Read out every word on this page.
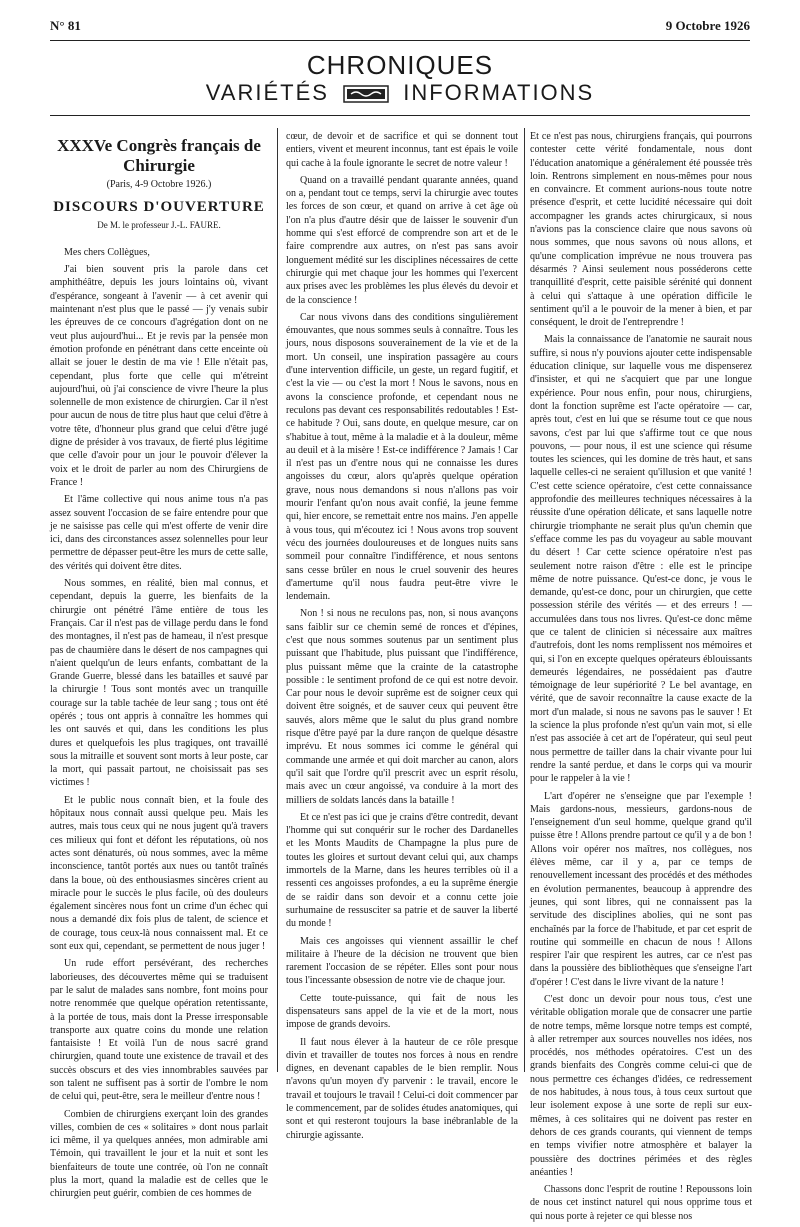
N° 81	9 Octobre 1926
CHRONIQUES
VARIÉTÉS	INFORMATIONS
XXXVe Congrès français de Chirurgie
(Paris, 4-9 Octobre 1926.)
DISCOURS D'OUVERTURE
De M. le professeur J.-L. FAURE.

Mes chers Collègues,

J'ai bien souvent pris la parole dans cet amphithéâtre, depuis les jours lointains où, vivant d'espérance, songeant à l'avenir — à cet avenir qui maintenant n'est plus que le passé — j'y venais subir les épreuves de ce concours d'agrégation dont on ne veut plus aujourd'hui... Et je revis par la pensée mon émotion profonde en pénétrant dans cette enceinte où allait se jouer le destin de ma vie ! Elle n'était pas, cependant, plus forte que celle qui m'étreint aujourd'hui, où j'ai conscience de vivre l'heure la plus solennelle de mon existence de chirurgien. Car il n'est pour aucun de nous de titre plus haut que celui d'être à votre tête, d'honneur plus grand que celui d'être jugé digne de présider à vos travaux, de fierté plus légitime que celle d'avoir pour un jour le pouvoir d'élever la voix et le droit de parler au nom des Chirurgiens de France !

Et l'âme collective qui nous anime tous n'a pas assez souvent l'occasion de se faire entendre pour que je ne saisisse pas celle qui m'est offerte de venir dire ici, dans des circonstances assez solennelles pour leur permettre de dépasser peut-être les murs de cette salle, des vérités qui doivent être dites.

Nous sommes, en réalité, bien mal connus, et cependant, depuis la guerre, les bienfaits de la chirurgie ont pénétré l'âme entière de tous les Français. Car il n'est pas de village perdu dans le fond des montagnes, il n'est pas de hameau, il n'est presque pas de chaumière dans le désert de nos campagnes qui n'aient quelqu'un de leurs enfants, combattant de la Grande Guerre, blessé dans les batailles et sauvé par la chirurgie ! Tous sont montés avec un tranquille courage sur la table tachée de leur sang ; tous ont été opérés ; tous ont appris à connaître les hommes qui les ont sauvés et qui, dans les conditions les plus dures et quelquefois les plus tragiques, ont travaillé sous la mitraille et souvent sont morts à leur poste, car la mort, qui passait partout, ne choisissait pas ses victimes !

Et le public nous connaît bien, et la foule des hôpitaux nous connaît aussi quelque peu. Mais les autres, mais tous ceux qui ne nous jugent qu'à travers ces milieux qui font et défont les réputations, où nos actes sont dénaturés, où nous sommes, avec la même inconscience, tantôt portés aux nues ou tantôt traînés dans la boue, où des enthousiasmes sincères crient au miracle pour le succès le plus facile, où des douleurs également sincères nous font un crime d'un échec qui nous a demandé dix fois plus de talent, de science et de courage, tous ceux-là nous connaissent mal. Et ce sont eux qui, cependant, se permettent de nous juger !

Un rude effort persévérant, des recherches laborieuses, des découvertes même qui se traduisent par le salut de malades sans nombre, font moins pour notre renommée que quelque opération retentissante, à la portée de tous, mais dont la Presse irresponsable transporte aux quatre coins du monde une relation fantaisiste ! Et voilà l'un de nous sacré grand chirurgien, quand toute une existence de travail et des succès obscurs et des vies innombrables sauvées par son talent ne suffisent pas à sortir de l'ombre le nom de celui qui, peut-être, sera le meilleur d'entre nous !

Combien de chirurgiens exerçant loin des grandes villes, combien de ces « solitaires » dont nous parlait ici même, il ya quelques années, mon admirable ami Témoin, qui travaillent le jour et la nuit et sont les bienfaiteurs de toute une contrée, où l'on ne connaît plus la mort, quand la maladie est de celles que le chirurgien peut guérir, combien de ces hommes de

cœur, de devoir et de sacrifice et qui se donnent tout entiers, vivent et meurent inconnus, tant est épais le voile qui cache à la foule ignorante le secret de notre valeur !

Quand on a travaillé pendant quarante années, quand on a, pendant tout ce temps, servi la chirurgie avec toutes les forces de son cœur, et quand on arrive à cet âge où l'on n'a plus d'autre désir que de laisser le souvenir d'un homme qui s'est efforcé de comprendre son art et de le faire comprendre aux autres, on n'est pas sans avoir longuement médité sur les disciplines nécessaires de cette chirurgie qui met chaque jour les hommes qui l'exercent aux prises avec les problèmes les plus élevés du devoir et de la conscience !

Car nous vivons dans des conditions singulièrement émouvantes, que nous sommes seuls à connaître. Tous les jours, nous disposons souverainement de la vie et de la mort. Un conseil, une inspiration passagère au cours d'une intervention difficile, un geste, un regard fugitif, et c'est la vie — ou c'est la mort ! Nous le savons, nous en avons la conscience profonde, et cependant nous ne reculons pas devant ces responsabilités redoutables ! Est-ce habitude ? Oui, sans doute, en quelque mesure, car on s'habitue à tout, même à la maladie et à la douleur, même au deuil et à la misère ! Est-ce indifférence ? Jamais ! Car il n'est pas un d'entre nous qui ne connaisse les dures angoisses du cœur, alors qu'après quelque opération grave, nous nous demandons si nous n'allons pas voir mourir l'enfant qu'on nous avait confié, la jeune femme qui, hier encore, se remettait entre nos mains. J'en appelle à vous tous, qui m'écoutez ici ! Nous avons trop souvent vécu des journées douloureuses et de longues nuits sans sommeil pour connaître l'indifférence, et nous sentons sans cesse brûler en nous le cruel souvenir des heures d'amertume qu'il nous faudra peut-être vivre le lendemain.

Non ! si nous ne reculons pas, non, si nous avançons sans faiblir sur ce chemin semé de ronces et d'épines, c'est que nous sommes soutenus par un sentiment plus puissant que l'habitude, plus puissant que l'indifférence, plus puissant même que la crainte de la catastrophe possible : le sentiment profond de ce qui est notre devoir. Car pour nous le devoir suprême est de soigner ceux qui doivent être soignés, et de sauver ceux qui peuvent être sauvés, alors même que le salut du plus grand nombre risque d'être payé par la dure rançon de quelque désastre imprévu. Et nous sommes ici comme le général qui commande une armée et qui doit marcher au canon, alors qu'il sait que l'ordre qu'il prescrit avec un esprit résolu, mais avec un cœur angoissé, va conduire à la mort des milliers de soldats lancés dans la bataille !

Et ce n'est pas ici que je crains d'être contredit, devant l'homme qui sut conquérir sur le rocher des Dardanelles et les Monts Maudits de Champagne la plus pure de toutes les gloires et surtout devant celui qui, aux champs immortels de la Marne, dans les heures terribles où il a ressenti ces angoisses profondes, a eu la suprême énergie de se raidir dans son devoir et a connu cette joie surhumaine de ressusciter sa patrie et de sauver la liberté du monde !

Mais ces angoisses qui viennent assaillir le chef militaire à l'heure de la décision ne trouvent que bien rarement l'occasion de se répéter. Elles sont pour nous tous l'incessante obsession de notre vie de chaque jour.

Cette toute-puissance, qui fait de nous les dispensateurs sans appel de la vie et de la mort, nous impose de grands devoirs.

Il faut nous élever à la hauteur de ce rôle presque divin et travailler de toutes nos forces à nous en rendre dignes, en devenant capables de le bien remplir. Nous n'avons qu'un moyen d'y parvenir : le travail, encore le travail et toujours le travail ! Celui-ci doit commencer par le commencement, par de solides études anatomiques, qui sont et qui resteront toujours la base inébranlable de la chirurgie agissante.

Et ce n'est pas nous, chirurgiens français, qui pourrons contester cette vérité fondamentale, nous dont l'éducation anatomique a généralement été poussée très loin. Rentrons simplement en nous-mêmes pour nous en convaincre. Et comment aurions-nous toute notre présence d'esprit, et cette lucidité nécessaire qui doit accompagner les grands actes chirurgicaux, si nous n'avions pas la conscience claire que nous savons où nous sommes, que nous savons où nous allons, et qu'une complication imprévue ne nous trouvera pas désarmés ? Ainsi seulement nous posséderons cette tranquillité d'esprit, cette paisible sérénité qui donnent à celui qui s'attaque à une opération difficile le sentiment qu'il a le pouvoir de la mener à bien, et par conséquent, le droit de l'entreprendre !

Mais la connaissance de l'anatomie ne saurait nous suffire, si nous n'y pouvions ajouter cette indispensable éducation clinique, sur laquelle vous me dispenserez d'insister, et qui ne s'acquiert que par une longue expérience. Pour nous enfin, pour nous, chirurgiens, dont la fonction suprême est l'acte opératoire — car, après tout, c'est en lui que se résume tout ce que nous savons, c'est par lui que s'affirme tout ce que nous pouvons, — pour nous, il est une science qui résume toutes les sciences, qui les domine de très haut, et sans laquelle celles-ci ne seraient qu'illusion et que vanité ! C'est cette science opératoire, c'est cette connaissance approfondie des meilleures techniques nécessaires à la réussite d'une opération délicate, et sans laquelle notre chirurgie triomphante ne serait plus qu'un chemin que s'efface comme les pas du voyageur au sable mouvant du désert ! Car cette science opératoire n'est pas seulement notre raison d'être : elle est le principe même de notre puissance. Qu'est-ce donc, je vous le demande, qu'est-ce donc, pour un chirurgien, que cette possession stérile des vérités — et des erreurs ! — accumulées dans tous nos livres. Qu'est-ce donc même que ce talent de clinicien si nécessaire aux maîtres d'autrefois, dont les noms remplissent nos mémoires et qui, si l'on en excepte quelques opérateurs éblouissants demeurés légendaires, ne possédaient pas d'autre témoignage de leur supériorité ? Le bel avantage, en vérité, que de savoir reconnaître la cause exacte de la mort d'un malade, si nous ne savons pas le sauver ! Et la science la plus profonde n'est qu'un vain mot, si elle n'est pas associée à cet art de l'opérateur, qui seul peut nous permettre de tailler dans la chair vivante pour lui rendre la santé perdue, et dans le corps qui va mourir pour le rappeler à la vie !

L'art d'opérer ne s'enseigne que par l'exemple ! Mais gardons-nous, messieurs, gardons-nous de l'enseignement d'un seul homme, quelque grand qu'il puisse être ! Allons prendre partout ce qu'il y a de bon ! Allons voir opérer nos maîtres, nos collègues, nos élèves même, car il y a, par ce temps de renouvellement incessant des procédés et des méthodes en évolution permanentes, beaucoup à apprendre des jeunes, qui sont libres, qui ne connaissent pas la servitude des disciplines abolies, qui ne sont pas enchaînés par la force de l'habitude, et par cet esprit de routine qui sommeille en chacun de nous ! Allons respirer l'air que respirent les autres, car ce n'est pas dans la poussière des bibliothèques que s'enseigne l'art d'opérer ! C'est dans le livre vivant de la nature !

C'est donc un devoir pour nous tous, c'est une véritable obligation morale que de consacrer une partie de notre temps, même lorsque notre temps est compté, à aller retremper aux sources nouvelles nos idées, nos procédés, nos méthodes opératoires. C'est un des grands bienfaits des Congrès comme celui-ci que de nous permettre ces échanges d'idées, ce redressement de nos habitudes, à nous tous, à tous ceux surtout que leur isolement expose à une sorte de repli sur eux-mêmes, à ces solitaires qui ne doivent pas rester en dehors de ces grands courants, qui viennent de temps en temps vivifier notre atmosphère et balayer la poussière des doctrines périmées et des règles anéanties !

Chassons donc l'esprit de routine ! Repoussons loin de nous cet instinct naturel qui nous opprime tous et qui nous porte à rejeter ce qui blesse nos
